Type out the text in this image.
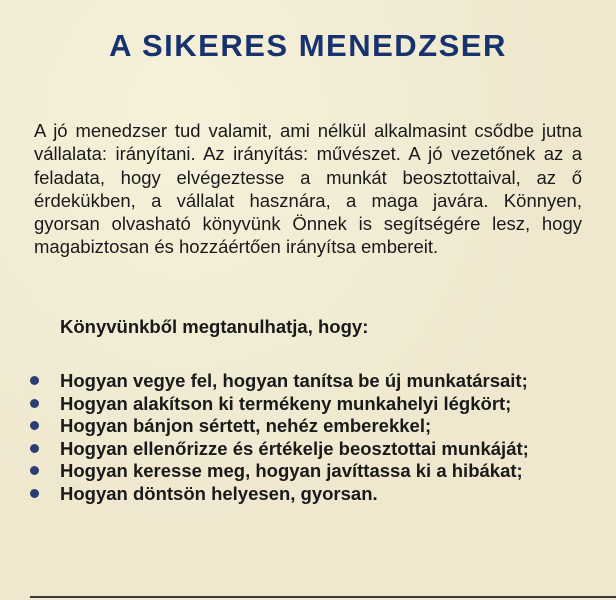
A SIKERES MENEDZSER

A jó menedzser tud valamit, ami nélkül alkalmasint csődbe jutna vállalata: irányítani. Az irányítás: művészet. A jó vezetőnek az a feladata, hogy elvégeztesse a munkát beosztottaival, az ő érdekükben, a vállalat hasznára, a maga javára. Könnyen, gyorsan olvasható könyvünk Önnek is segítségére lesz, hogy magabiztosan és hozzáértően irányítsa embereit.

Könyvünkből megtanulhatja, hogy:

Hogyan vegye fel, hogyan tanítsa be új munkatársait;
Hogyan alakítson ki termékeny munkahelyi légkört;
Hogyan bánjon sértett, nehéz emberekkel;
Hogyan ellenőrizze és értékelje beosztottai munkáját;
Hogyan keresse meg, hogyan javíttassa ki a hibákat;
Hogyan döntsön helyesen, gyorsan.
